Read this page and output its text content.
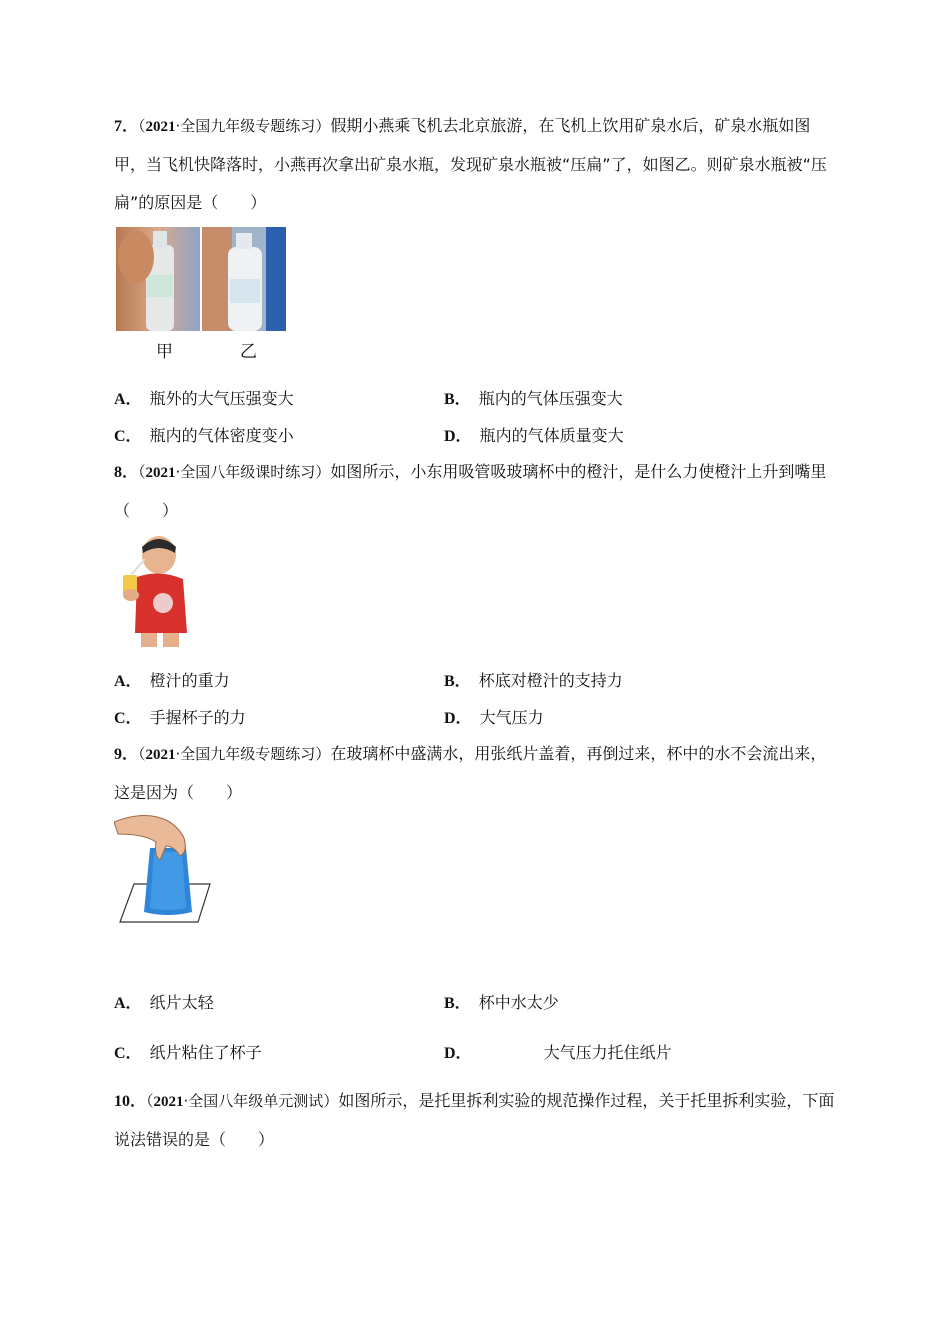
7．（2021·全国九年级专题练习）假期小燕乘飞机去北京旅游，在飞机上饮用矿泉水后，矿泉水瓶如图甲，当飞机快降落时，小燕再次拿出矿泉水瓶，发现矿泉水瓶被“压扁”了，如图乙。则矿泉水瓶被“压扁”的原因是（　　）
甲	乙
A． 瓶外的大气压强变大	B． 瓶内的气体压强变大
C． 瓶内的气体密度变小	D． 瓶内的气体质量变大
8．（2021·全国八年级课时练习）如图所示，小东用吸管吸玻璃杯中的橙汁，是什么力使橙汁上升到嘴里（　　）
A． 橙汁的重力	B． 杯底对橙汁的支持力
C． 手握杯子的力	D． 大气压力
9．（2021·全国九年级专题练习）在玻璃杯中盛满水，用张纸片盖着，再倒过来，杯中的水不会流出来，这是因为（　　）
A． 纸片太轻	B． 杯中水太少
C． 纸片粘住了杯子	D．	大气压力托住纸片
10．（2021·全国八年级单元测试）如图所示，是托里拆利实验的规范操作过程，关于托里拆利实验，下面说法错误的是（　　）
